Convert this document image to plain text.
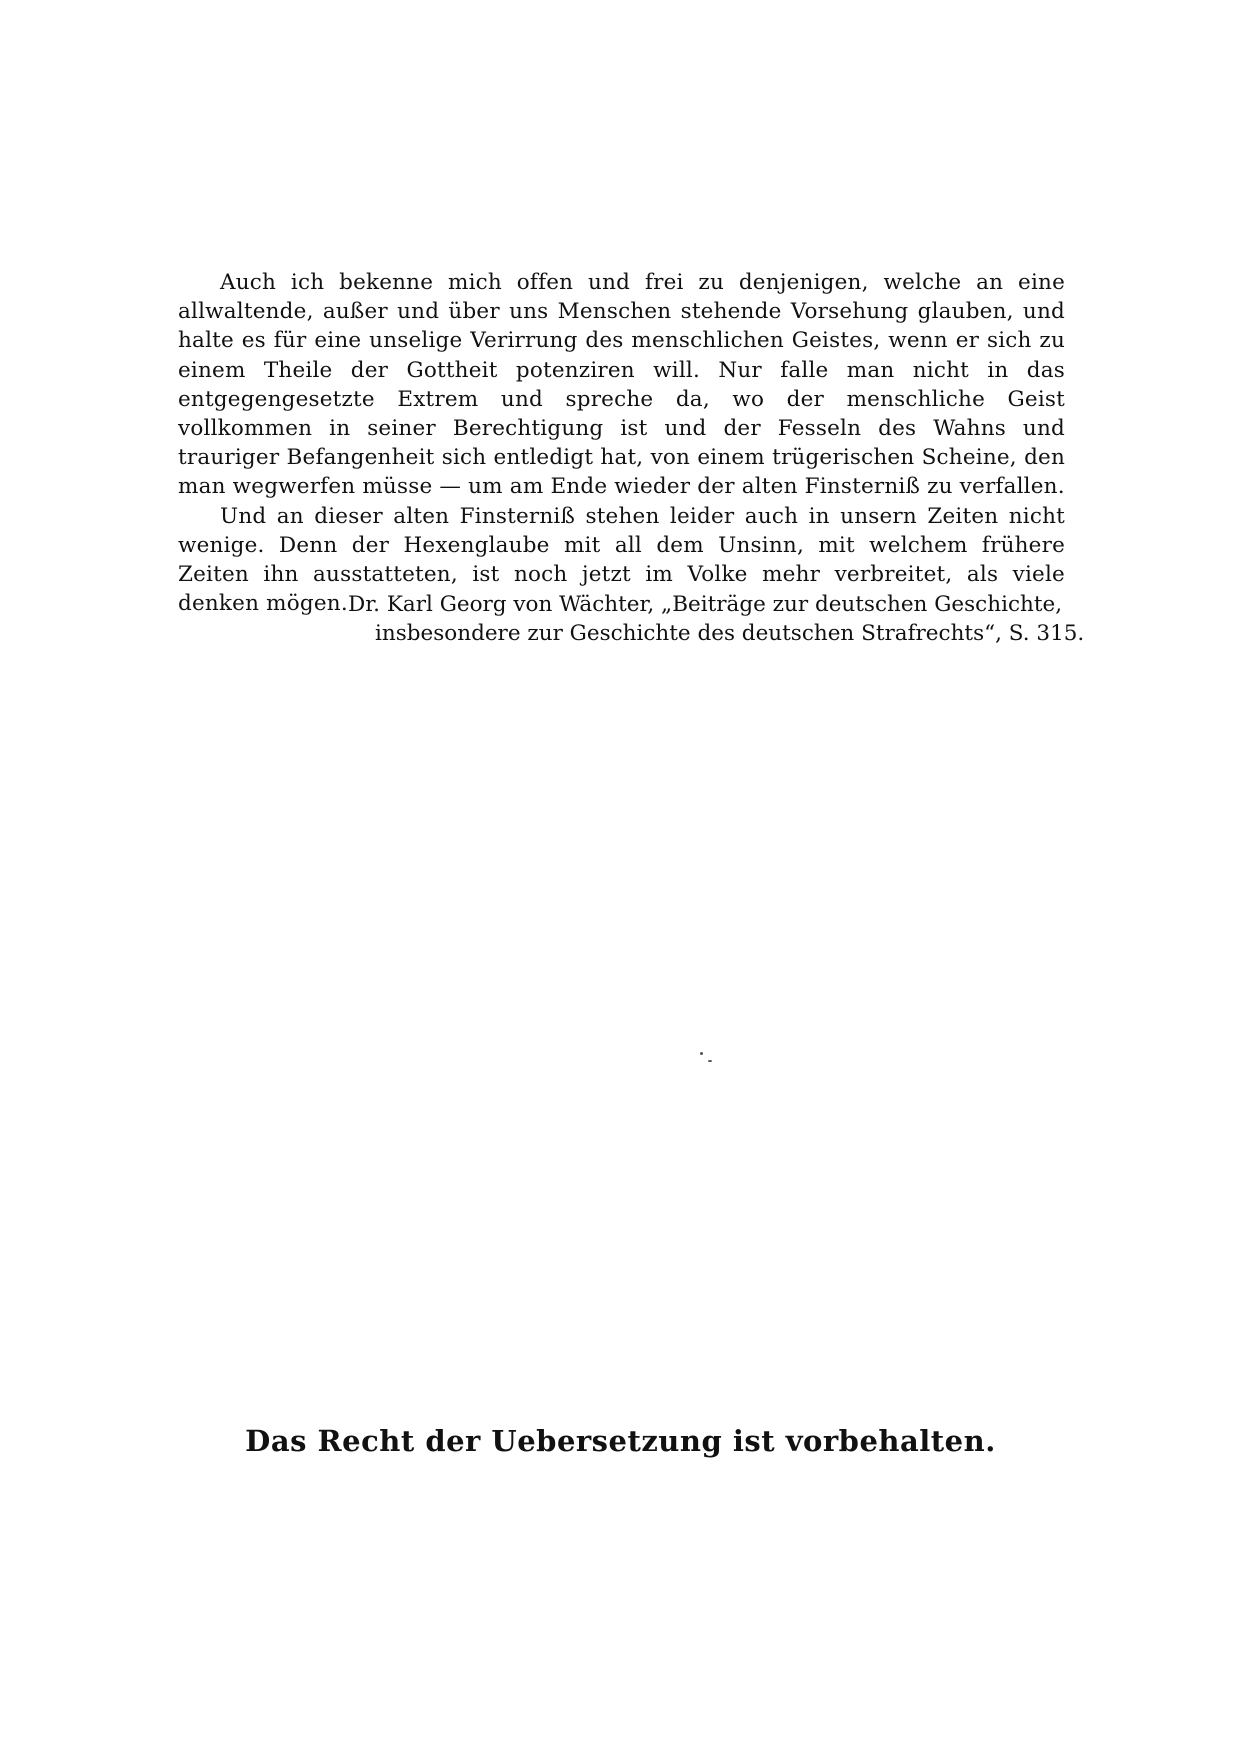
Auch ich bekenne mich offen und frei zu denjenigen, welche an eine allwaltende, außer und über uns Menschen stehende Vorsehung glauben, und halte es für eine unselige Verirrung des menschlichen Geistes, wenn er sich zu einem Theile der Gottheit potenziren will. Nur falle man nicht in das entgegengesetzte Extrem und spreche da, wo der menschliche Geist vollkommen in seiner Berechtigung ist und der Fesseln des Wahns und trauriger Befangenheit sich entledigt hat, von einem trügerischen Scheine, den man wegwerfen müsse — um am Ende wieder der alten Finsterniß zu verfallen.

Und an dieser alten Finsterniß stehen leider auch in unsern Zeiten nicht wenige. Denn der Hexenglaube mit all dem Unsinn, mit welchem frühere Zeiten ihn ausstatteten, ist noch jetzt im Volke mehr verbreitet, als viele denken mögen. Dr. Karl Georg von Wächter, „Beiträge zur deutschen Geschichte,
insbesondere zur Geschichte des deutschen Strafrechts“, S. 315.
Das Recht der Uebersetzung ist vorbehalten.
